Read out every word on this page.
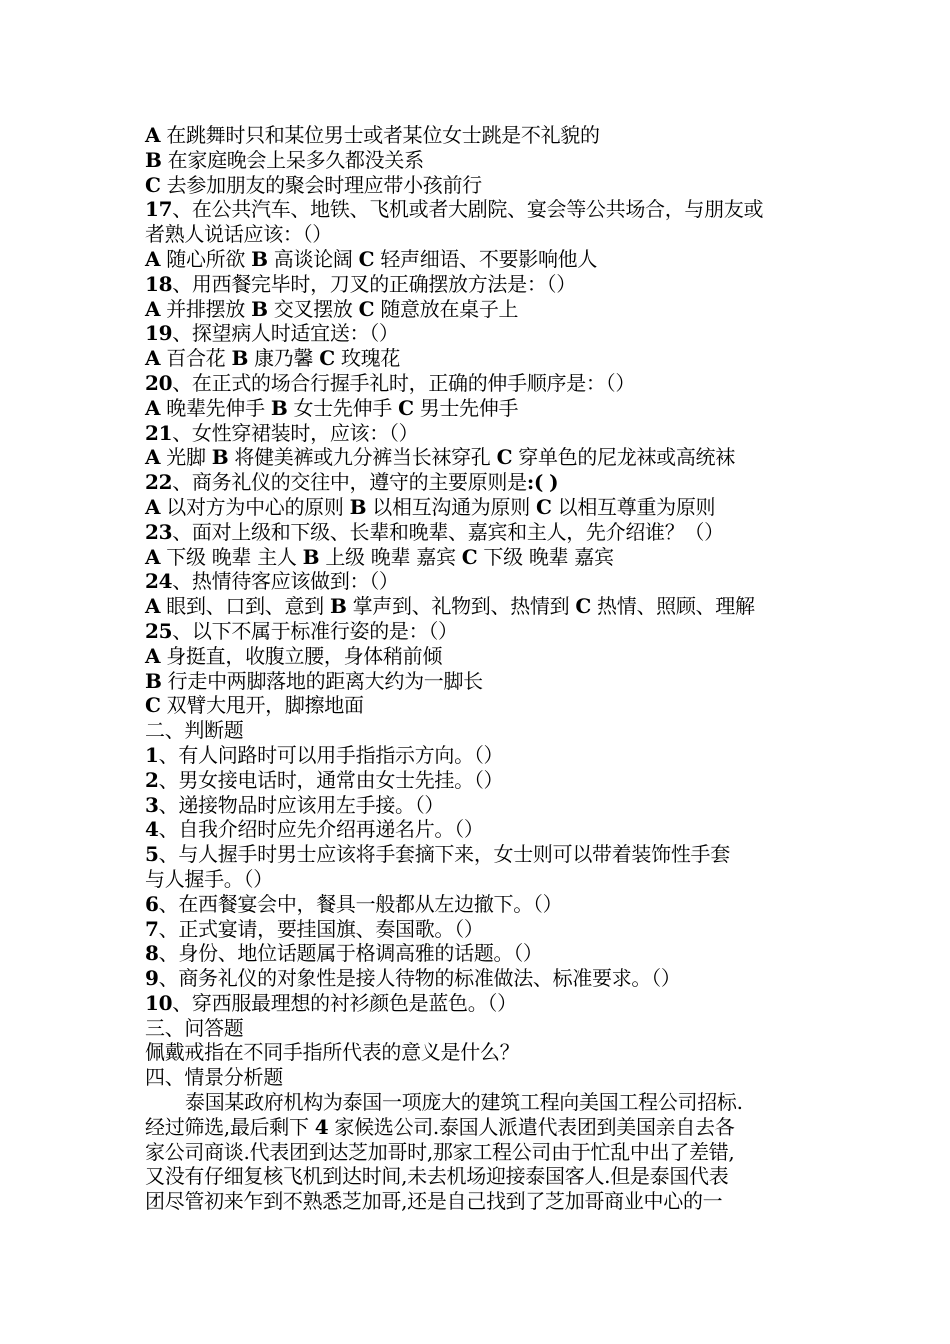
A 在跳舞时只和某位男士或者某位女士跳是不礼貌的
B 在家庭晚会上呆多久都没关系
C 去参加朋友的聚会时理应带小孩前行
17、在公共汽车、地铁、飞机或者大剧院、宴会等公共场合，与朋友或
者熟人说话应该：（）
A 随心所欲 B 高谈论阔 C 轻声细语、不要影响他人
18、用西餐完毕时，刀叉的正确摆放方法是：（）
A 并排摆放 B 交叉摆放 C 随意放在桌子上
19、探望病人时适宜送：（）
A 百合花 B 康乃馨 C 玫瑰花
20、在正式的场合行握手礼时，正确的伸手顺序是：（）
A 晚辈先伸手 B 女士先伸手 C 男士先伸手
21、女性穿裙装时，应该：（）
A 光脚 B 将健美裤或九分裤当长袜穿孔 C 穿单色的尼龙袜或高统袜
22、商务礼仪的交往中，遵守的主要原则是:( )
A 以对方为中心的原则 B 以相互沟通为原则 C 以相互尊重为原则
23、面对上级和下级、长辈和晚辈、嘉宾和主人，先介绍谁？（）
A 下级 晚辈 主人 B 上级 晚辈 嘉宾 C 下级 晚辈 嘉宾
24、热情待客应该做到：（）
A 眼到、口到、意到 B 掌声到、礼物到、热情到 C 热情、照顾、理解
25、以下不属于标准行姿的是：（）
A 身挺直，收腹立腰，身体稍前倾
B 行走中两脚落地的距离大约为一脚长
C 双臂大甩开，脚擦地面
二、判断题
1、有人问路时可以用手指指示方向。（）
2、男女接电话时，通常由女士先挂。（）
3、递接物品时应该用左手接。（）
4、自我介绍时应先介绍再递名片。（）
5、与人握手时男士应该将手套摘下来，女士则可以带着装饰性手套
与人握手。（）
6、在西餐宴会中，餐具一般都从左边撤下。（）
7、正式宴请，要挂国旗、奏国歌。（）
8、身份、地位话题属于格调高雅的话题。（）
9、商务礼仪的对象性是接人待物的标准做法、标准要求。（）
10、穿西服最理想的衬衫颜色是蓝色。（）
三、问答题
佩戴戒指在不同手指所代表的意义是什么？
四、情景分析题
泰国某政府机构为泰国一项庞大的建筑工程向美国工程公司招标.
经过筛选,最后剩下 4 家候选公司.泰国人派遣代表团到美国亲自去各
家公司商谈.代表团到达芝加哥时,那家工程公司由于忙乱中出了差错,
又没有仔细复核飞机到达时间,未去机场迎接泰国客人.但是泰国代表
团尽管初来乍到不熟悉芝加哥,还是自己找到了芝加哥商业中心的一
